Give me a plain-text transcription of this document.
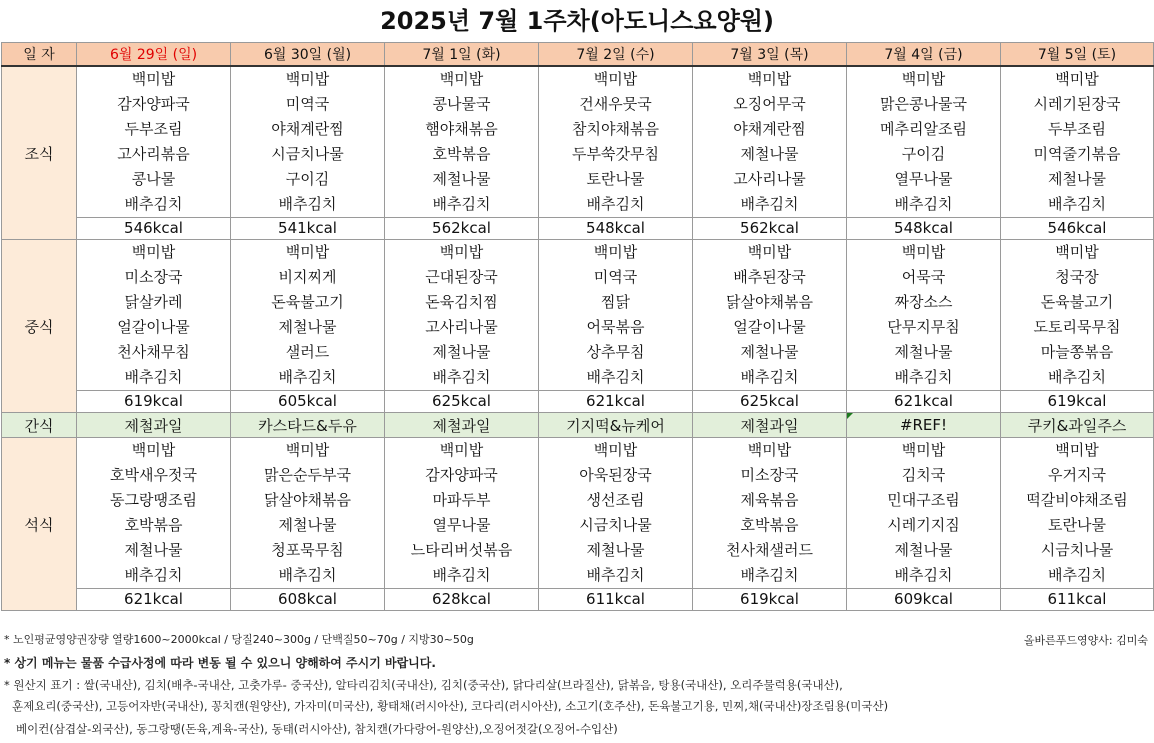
2025년 7월 1주차(아도니스요양원)
일 자	6월 29일 (일)	6월 30일 (월)	7월 1일 (화)	7월 2일 (수)	7월 3일 (목)	7월 4일 (금)	7월 5일 (토)
조식	백미밥	백미밥	백미밥	백미밥	백미밥	백미밥	백미밥
	감자양파국	미역국	콩나물국	건새우뭇국	오징어무국	맑은콩나물국	시레기된장국
	두부조림	야채계란찜	햄야채볶음	참치야채볶음	야채계란찜	메추리알조림	두부조림
	고사리볶음	시금치나물	호박볶음	두부쑥갓무침	제철나물	구이김	미역줄기볶음
	콩나물	구이김	제철나물	토란나물	고사리나물	열무나물	제철나물
	배추김치	배추김치	배추김치	배추김치	배추김치	배추김치	배추김치
	546kcal	541kcal	562kcal	548kcal	562kcal	548kcal	546kcal
중식	백미밥	백미밥	백미밥	백미밥	백미밥	백미밥	백미밥
	미소장국	비지찌게	근대된장국	미역국	배추된장국	어묵국	청국장
	닭살카레	돈육불고기	돈육김치찜	찜닭	닭살야채볶음	짜장소스	돈육불고기
	얼갈이나물	제철나물	고사리나물	어묵볶음	얼갈이나물	단무지무침	도토리묵무침
	천사채무침	샐러드	제철나물	상추무침	제철나물	제철나물	마늘쫑볶음
	배추김치	배추김치	배추김치	배추김치	배추김치	배추김치	배추김치
	619kcal	605kcal	625kcal	621kcal	625kcal	621kcal	619kcal
간식	제철과일	카스타드&두유	제철과일	기지떡&뉴케어	제철과일	#REF!	쿠키&과일주스
석식	백미밥	백미밥	백미밥	백미밥	백미밥	백미밥	백미밥
	호박새우젓국	맑은순두부국	감자양파국	아욱된장국	미소장국	김치국	우거지국
	동그랑땡조림	닭살야채볶음	마파두부	생선조림	제육볶음	민대구조림	떡갈비야채조림
	호박볶음	제철나물	열무나물	시금치나물	호박볶음	시레기지짐	토란나물
	제철나물	청포묵무침	느타리버섯볶음	제철나물	천사채샐러드	제철나물	시금치나물
	배추김치	배추김치	배추김치	배추김치	배추김치	배추김치	배추김치
	621kcal	608kcal	628kcal	611kcal	619kcal	609kcal	611kcal
* 노인평균영양권장량 열량1600~2000kcal / 당질240~300g / 단백질50~70g / 지방30~50g
* 상기 메뉴는 물품 수급사정에 따라 변동 될 수 있으니 양해하여 주시기 바랍니다.
* 원산지 표기 : 쌀(국내산), 김치(배추-국내산, 고춧가루- 중국산), 알타리김치(국내산), 김치(중국산), 닭다리살(브라질산), 닭볶음, 탕용(국내산), 오리주물럭용(국내산),
훈제요리(중국산), 고등어자반(국내산), 꽁치캔(원양산), 가자미(미국산), 황태채(러시아산), 코다리(러시아산), 소고기(호주산), 돈육불고기용, 민찌,채(국내산)장조림용(미국산)
베이컨(삼겹살-외국산), 동그랑땡(돈육,계육-국산), 동태(러시아산), 참치캔(가다랑어-원양산),오징어젓갈(오징어-수입산)
올바른푸드영양사: 김미숙
